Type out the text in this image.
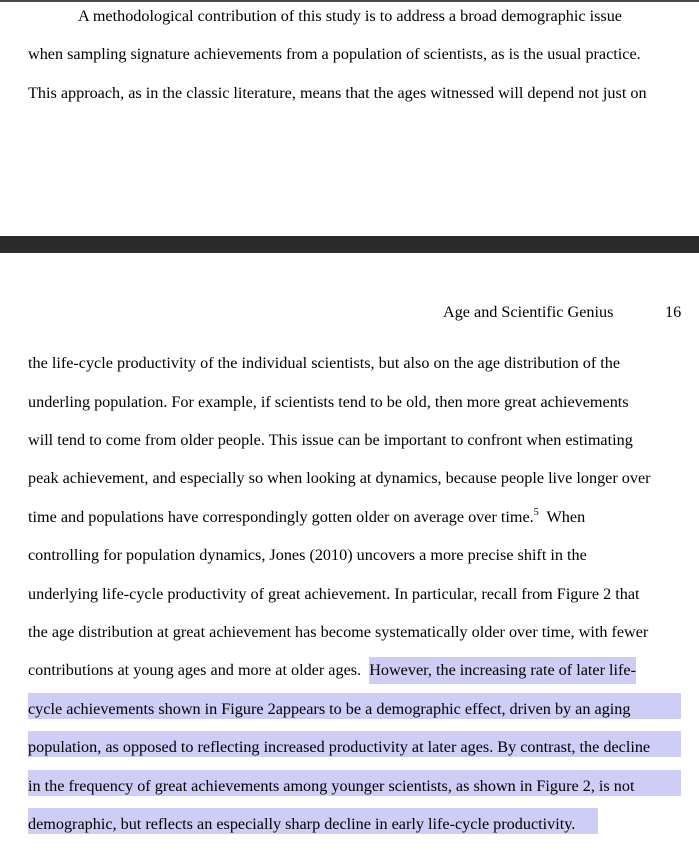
A methodological contribution of this study is to address a broad demographic issue
when sampling signature achievements from a population of scientists, as is the usual practice.
This approach, as in the classic literature, means that the ages witnessed will depend not just on
Age and Scientific Genius	16
the life-cycle productivity of the individual scientists, but also on the age distribution of the
underling population. For example, if scientists tend to be old, then more great achievements
will tend to come from older people. This issue can be important to confront when estimating
peak achievement, and especially so when looking at dynamics, because people live longer over
time and populations have correspondingly gotten older on average over time.$^5$  When
controlling for population dynamics, Jones (2010) uncovers a more precise shift in the
underlying life-cycle productivity of great achievement. In particular, recall from Figure 2 that
the age distribution at great achievement has become systematically older over time, with fewer
contributions at young ages and more at older ages.  However, the increasing rate of later life-
cycle achievements shown in Figure 2appears to be a demographic effect, driven by an aging
population, as opposed to reflecting increased productivity at later ages. By contrast, the decline
in the frequency of great achievements among younger scientists, as shown in Figure 2, is not
demographic, but reflects an especially sharp decline in early life-cycle productivity.
